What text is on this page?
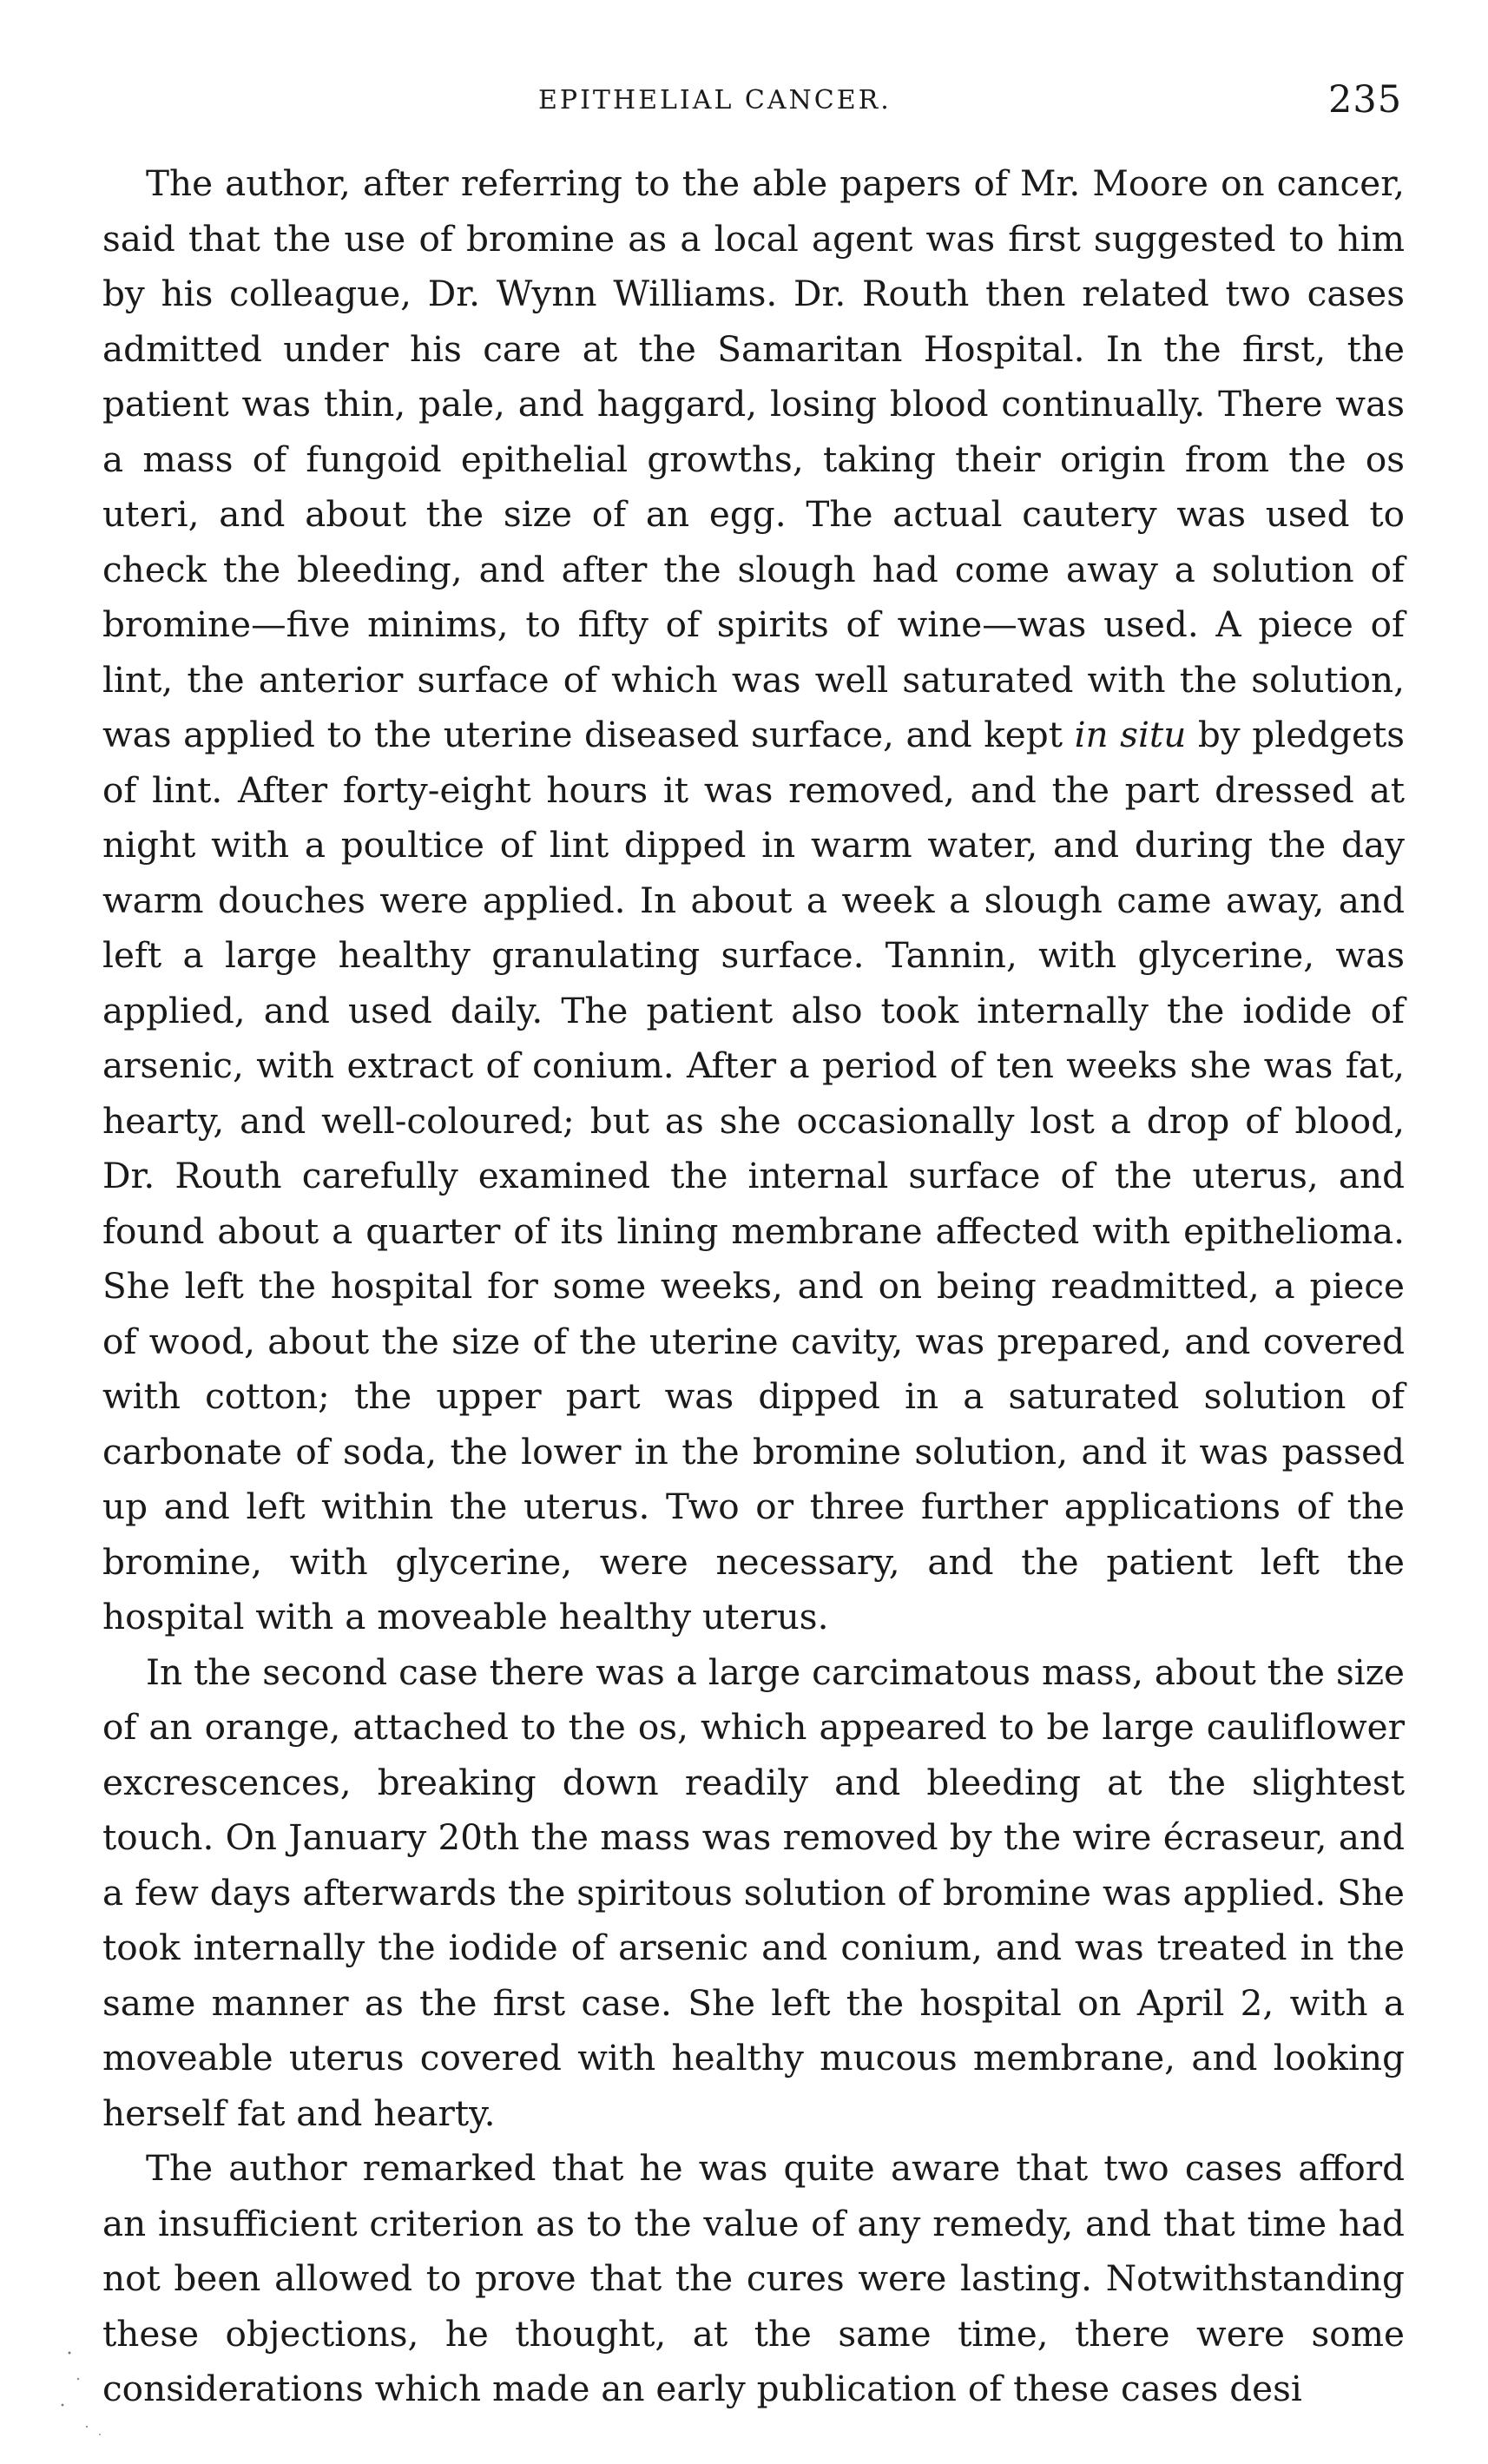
EPITHELIAL CANCER.	235

The author, after referring to the able papers of Mr. Moore on cancer, said that the use of bromine as a local agent was first suggested to him by his colleague, Dr. Wynn Williams. Dr. Routh then related two cases admitted under his care at the Samaritan Hospital. In the first, the patient was thin, pale, and haggard, losing blood continually. There was a mass of fungoid epithelial growths, taking their origin from the os uteri, and about the size of an egg. The actual cautery was used to check the bleeding, and after the slough had come away a solution of bromine—five minims, to fifty of spirits of wine—was used. A piece of lint, the anterior surface of which was well saturated with the solution, was applied to the uterine diseased surface, and kept in situ by pledgets of lint. After forty-eight hours it was removed, and the part dressed at night with a poultice of lint dipped in warm water, and during the day warm douches were applied. In about a week a slough came away, and left a large healthy granulating surface. Tannin, with glycerine, was applied, and used daily. The patient also took internally the iodide of arsenic, with extract of conium. After a period of ten weeks she was fat, hearty, and well-coloured; but as she occasionally lost a drop of blood, Dr. Routh carefully examined the internal surface of the uterus, and found about a quarter of its lining membrane affected with epithelioma. She left the hospital for some weeks, and on being readmitted, a piece of wood, about the size of the uterine cavity, was prepared, and covered with cotton; the upper part was dipped in a saturated solution of carbonate of soda, the lower in the bromine solution, and it was passed up and left within the uterus. Two or three further applications of the bromine, with glycerine, were necessary, and the patient left the hospital with a moveable healthy uterus.

In the second case there was a large carcimatous mass, about the size of an orange, attached to the os, which appeared to be large cauliflower excrescences, breaking down readily and bleeding at the slightest touch. On January 20th the mass was removed by the wire écraseur, and a few days afterwards the spiritous solution of bromine was applied. She took internally the iodide of arsenic and conium, and was treated in the same manner as the first case. She left the hospital on April 2, with a moveable uterus covered with healthy mucous membrane, and looking herself fat and hearty.

The author remarked that he was quite aware that two cases afford an insufficient criterion as to the value of any remedy, and that time had not been allowed to prove that the cures were lasting. Notwithstanding these objections, he thought, at the same time, there were some considerations which made an early publication of these cases desi
